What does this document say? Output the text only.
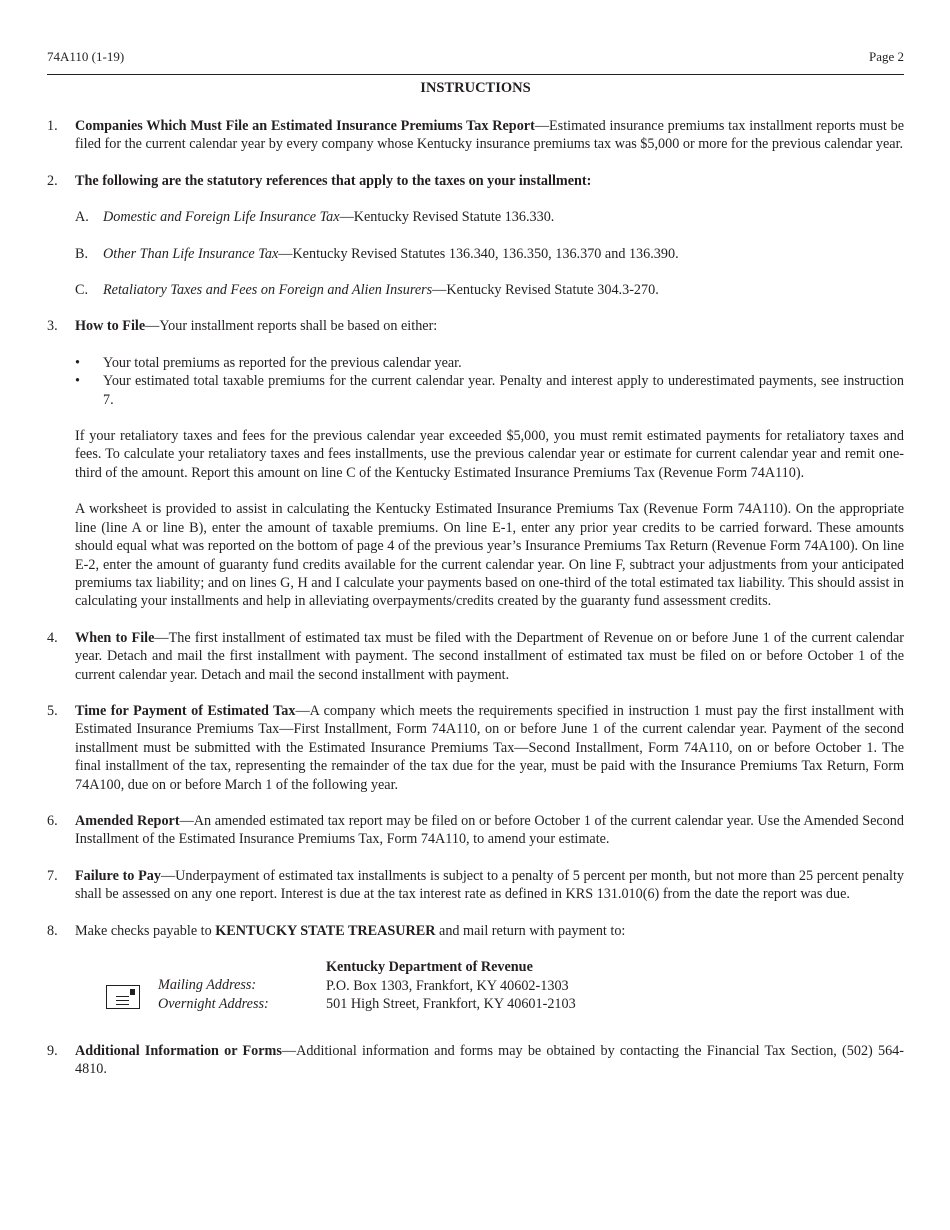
74A110 (1-19)	Page 2
INSTRUCTIONS
1. Companies Which Must File an Estimated Insurance Premiums Tax Report—Estimated insurance premiums tax installment reports must be filed for the current calendar year by every company whose Kentucky insurance premiums tax was $5,000 or more for the previous calendar year.
2. The following are the statutory references that apply to the taxes on your installment:
A. Domestic and Foreign Life Insurance Tax—Kentucky Revised Statute 136.330.
B. Other Than Life Insurance Tax—Kentucky Revised Statutes 136.340, 136.350, 136.370 and 136.390.
C. Retaliatory Taxes and Fees on Foreign and Alien Insurers—Kentucky Revised Statute 304.3-270.
3. How to File—Your installment reports shall be based on either:
• Your total premiums as reported for the previous calendar year.
• Your estimated total taxable premiums for the current calendar year. Penalty and interest apply to underestimated payments, see instruction 7.
If your retaliatory taxes and fees for the previous calendar year exceeded $5,000, you must remit estimated payments for retaliatory taxes and fees. To calculate your retaliatory taxes and fees installments, use the previous calendar year or estimate for current calendar year and remit one-third of the amount. Report this amount on line C of the Kentucky Estimated Insurance Premiums Tax (Revenue Form 74A110).
A worksheet is provided to assist in calculating the Kentucky Estimated Insurance Premiums Tax (Revenue Form 74A110). On the appropriate line (line A or line B), enter the amount of taxable premiums. On line E-1, enter any prior year credits to be carried forward. These amounts should equal what was reported on the bottom of page 4 of the previous year’s Insurance Premiums Tax Return (Revenue Form 74A100). On line E-2, enter the amount of guaranty fund credits available for the current calendar year. On line F, subtract your adjustments from your anticipated premiums tax liability; and on lines G, H and I calculate your payments based on one-third of the total estimated tax liability. This should assist in calculating your installments and help in alleviating overpayments/credits created by the guaranty fund assessment credits.
4. When to File—The first installment of estimated tax must be filed with the Department of Revenue on or before June 1 of the current calendar year. Detach and mail the first installment with payment. The second installment of estimated tax must be filed on or before October 1 of the current calendar year. Detach and mail the second installment with payment.
5. Time for Payment of Estimated Tax—A company which meets the requirements specified in instruction 1 must pay the first installment with Estimated Insurance Premiums Tax—First Installment, Form 74A110, on or before June 1 of the current calendar year. Payment of the second installment must be submitted with the Estimated Insurance Premiums Tax—Second Installment, Form 74A110, on or before October 1. The final installment of the tax, representing the remainder of the tax due for the year, must be paid with the Insurance Premiums Tax Return, Form 74A100, due on or before March 1 of the following year.
6. Amended Report—An amended estimated tax report may be filed on or before October 1 of the current calendar year. Use the Amended Second Installment of the Estimated Insurance Premiums Tax, Form 74A110, to amend your estimate.
7. Failure to Pay—Underpayment of estimated tax installments is subject to a penalty of 5 percent per month, but not more than 25 percent penalty shall be assessed on any one report. Interest is due at the tax interest rate as defined in KRS 131.010(6) from the date the report was due.
8. Make checks payable to KENTUCKY STATE TREASURER and mail return with payment to:
Mailing Address:
Overnight Address:
Kentucky Department of Revenue
P.O. Box 1303, Frankfort, KY 40602-1303
501 High Street, Frankfort, KY 40601-2103
9. Additional Information or Forms—Additional information and forms may be obtained by contacting the Financial Tax Section, (502) 564-4810.
